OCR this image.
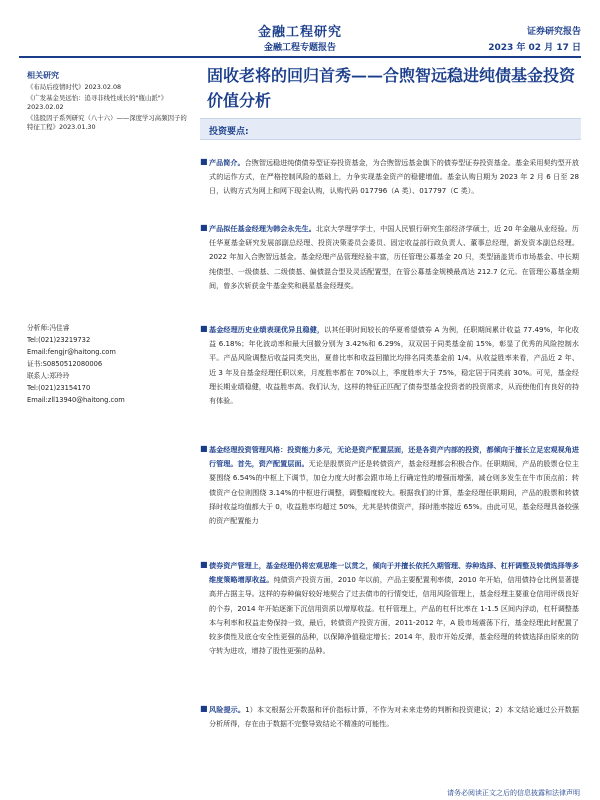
金融工程研究
金融工程专题报告
证券研究报告
2023 年 02 月 17 日
相关研究
《布局后疫情时代》2023.02.08
《广发基金吴远怡：追寻非线性成长的"瓶山派"》2023.02.02
《选股因子系列研究（八十六）——深度学习高频因子的特征工程》2023.01.30
分析师:冯佳睿
Tel:(021)23219732
Email:fengjr@haitong.com
证书:S0850512080006
联系人:郑玲玲
Tel:(021)23154170
Email:zll13940@haitong.com
固收老将的回归首秀——合煦智远稳进纯债基金投资价值分析
投资要点:
■ 产品简介。合煦智远稳进纯债债券型证券投资基金，为合煦智远基金旗下的债券型证券投资基金。基金采用契约型开放式的运作方式，在严格控制风险的基础上，力争实现基金资产的稳健增值。基金认购日期为 2023 年 2 月 6 日至 28 日，认购方式为网上和网下现金认购，认购代码 017796（A 类）、017797（C 类）。

■ 产品拟任基金经理为韩会永先生。北京大学理学学士，中国人民银行研究生部经济学硕士，近 20 年金融从业经验。历任华夏基金研究发展部副总经理、投资决策委员会委员、固定收益部行政负责人、董事总经理，新发资本副总经理。2022 年加入合煦智远基金。基金经理产品管理经验丰富，历任管理公募基金 20 只，类型涵盖货币市场基金、中长期纯债型、一级债基、二级债基、偏债混合型及灵活配置型，在管公募基金规模最高达 212.7 亿元。在管理公募基金期间，曾多次斩获金牛基金奖和晨星基金经理奖。

■ 基金经理历史业绩表现优异且稳健，以其任职时间较长的华夏希望债券 A 为例，任职期间累计收益 77.49%，年化收益 6.18%；年化波动率和最大回撤分别为 3.42%和 6.29%，双双居于同类基金前 15%，彰显了优秀的风险控制水平。产品风险调整后收益同类突出，夏普比率和收益回撤比均排名同类基金前 1/4。从收益胜率来看，产品近 2 年、近 3 年及自基金经理任职以来，月度胜率都在 70%以上，季度胜率大于 75%，稳定居于同类前 30%。可见，基金经理长期业绩稳健，收益胜率高。我们认为，这样的特征正匹配了债券型基金投资者的投资需求，从而使他们有良好的持有体验。

■ 基金经理投资管理风格：投资能力多元，无论是资产配置层面，还是各资产内部的投资，都倾向于擅长立足宏观视角进行管理。首先，资产配置层面。无论是股票资产还是转债资产，基金经理都会积极合作。任职期间，产品的股票仓位主要围绕 6.54%的中枢上下调节，加仓力度大时都会跟市场上行确定性的增强而增强，减仓则多发生在牛市顶点前；转债资产仓位则围绕 3.14%的中枢进行调整，调整幅度较大。根据我们的计算，基金经理任职期间，产品的股票和转债择时收益均值都大于 0，收益胜率均超过 50%，尤其是转债资产，择时胜率接近 65%。由此可见，基金经理具备较强的资产配置能力

■ 债券资产管理上，基金经理仍将宏观思维一以贯之，倾向于并擅长依托久期管理、券种选择、杠杆调整及转债选择等多维度策略增厚收益。纯债资产投资方面，2010 年以前，产品主要配置利率债，2010 年开始，信用债持仓比例显著提高并占据主导。这样的券种偏好较好地契合了过去债市的行情变迁，信用风险管理上，基金经理主要重仓信用评级良好的个券，2014 年开始逐渐下沉信用资质以增厚收益。杠杆管理上，产品的杠杆比率在 1-1.5 区间内浮动，杠杆调整基本与利率和权益走势保持一致，最后，转债资产投资方面，2011-2012 年，A 股市场震荡下行，基金经理此时配置了较多债性及底仓安全性更强的品种，以保障净值稳定增长；2014 年，股市开始反弹，基金经理的转债选择由原来的防守转为进攻，增持了股性更强的品种。

■ 风险提示。1）本文根据公开数据和评价指标计算，不作为对未来走势的判断和投资建议；2）本文结论通过公开数据分析所得，存在由于数据不完整导致结论不精准的可能性。

请务必阅读正文之后的信息披露和法律声明
